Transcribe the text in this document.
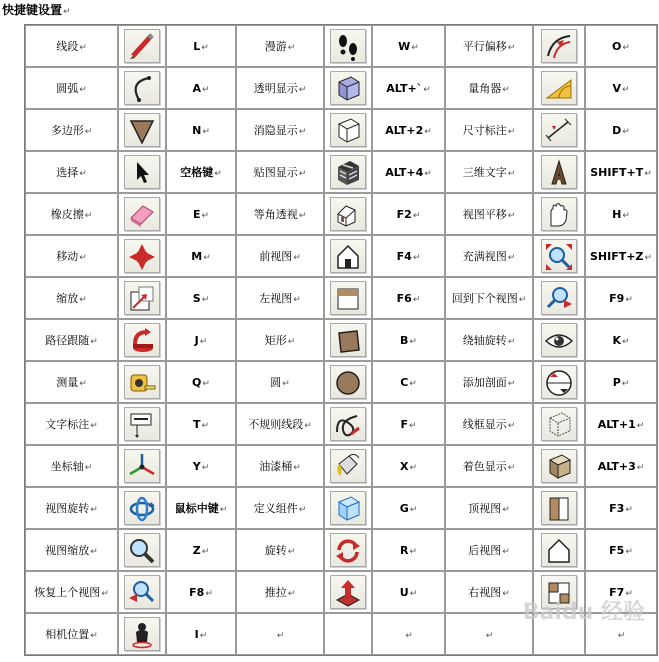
快捷键设置↵
线段↵		L↵	漫游↵		W↵	平行偏移↵		O↵
圆弧↵		A↵	透明显示↵		ALT+`↵	量角器↵		V↵
多边形↵		N↵	消隐显示↵		ALT+2↵	尺寸标注↵		D↵
选择↵		空格键↵	贴图显示↵		ALT+4↵	三维文字↵		SHIFT+T↵
橡皮擦↵		E↵	等角透视↵		F2↵	视图平移↵		H↵
移动↵		M↵	前视图↵		F4↵	充满视图↵		SHIFT+Z↵
缩放↵		S↵	左视图↵		F6↵	回到下个视图↵		F9↵
路径跟随↵		J↵	矩形↵		B↵	绕轴旋转↵		K↵
测量↵		Q↵	圆↵		C↵	添加剖面↵		P↵
文字标注↵		T↵	不规则线段↵		F↵	线框显示↵		ALT+1↵
坐标轴↵		Y↵	油漆桶↵		X↵	着色显示↵		ALT+3↵
视图旋转↵		鼠标中键↵	定义组件↵		G↵	顶视图↵		F3↵
视图缩放↵		Z↵	旋转↵		R↵	后视图↵		F5↵
恢复上个视图↵		F8↵	推拉↵		U↵	右视图↵		F7↵
相机位置↵		I↵	↵		↵	↵		↵
Baidu 经验
